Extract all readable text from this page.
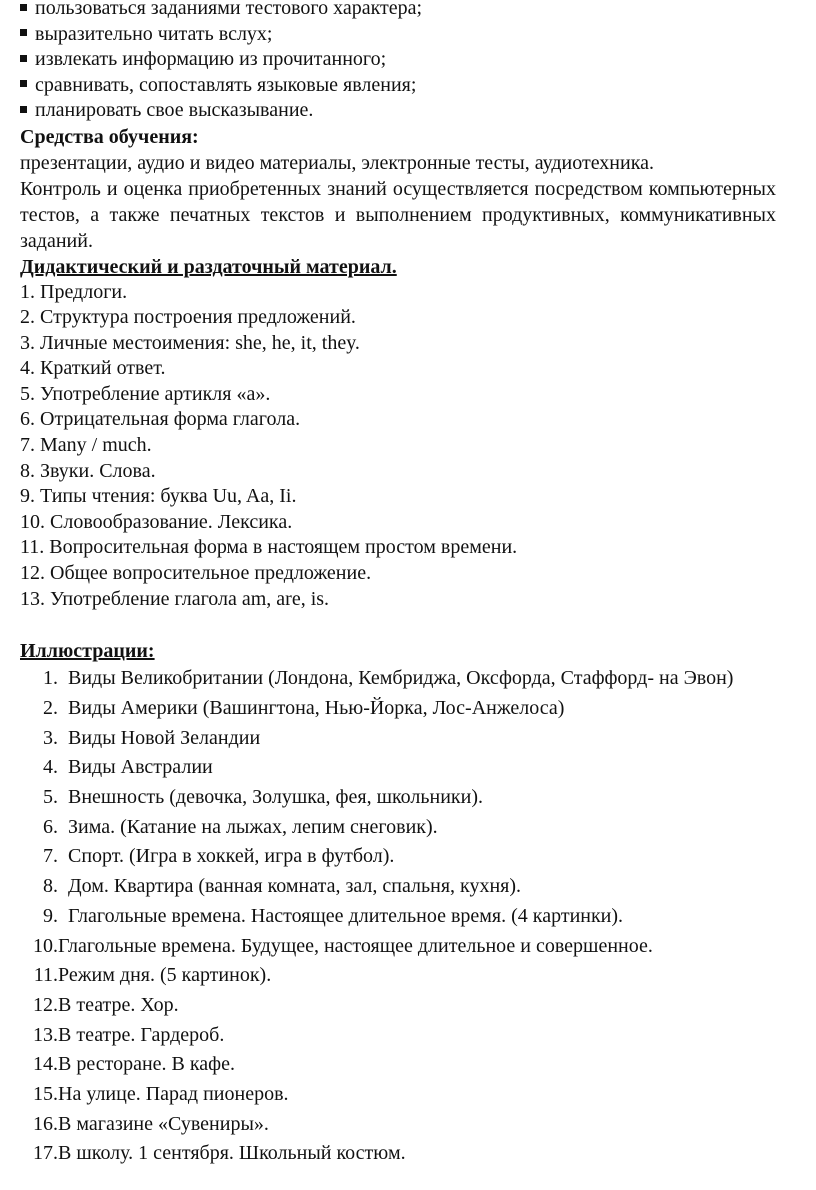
пользоваться заданиями тестового характера;
выразительно читать вслух;
извлекать информацию из прочитанного;
сравнивать, сопоставлять языковые явления;
планировать свое высказывание.
Средства обучения:
презентации, аудио и видео материалы, электронные тесты, аудиотехника.
Контроль и оценка приобретенных знаний осуществляется посредством компьютерных тестов, а также печатных текстов и выполнением продуктивных, коммуникативных заданий.
Дидактический и раздаточный материал.
1. Предлоги.
2. Структура построения предложений.
3. Личные местоимения: she, he, it, they.
4. Краткий ответ.
5. Употребление артикля «а».
6. Отрицательная форма глагола.
7. Many / much.
8. Звуки. Слова.
9. Типы чтения: буква Uu, Aa, Ii.
10. Словообразование. Лексика.
11. Вопросительная форма в настоящем простом времени.
12. Общее вопросительное предложение.
13. Употребление глагола am, are, is.
Иллюстрации:
1. Виды Великобритании (Лондона, Кембриджа, Оксфорда, Стаффорд- на Эвон)
2. Виды Америки (Вашингтона, Нью-Йорка, Лос-Анжелоса)
3. Виды Новой Зеландии
4. Виды Австралии
5. Внешность (девочка, Золушка, фея, школьники).
6. Зима. (Катание на лыжах, лепим снеговик).
7. Спорт. (Игра в хоккей, игра в футбол).
8. Дом. Квартира (ванная комната, зал, спальня, кухня).
9. Глагольные времена. Настоящее длительное время. (4 картинки).
10. Глагольные времена. Будущее, настоящее длительное и совершенное.
11. Режим дня. (5 картинок).
12. В театре. Хор.
13. В театре. Гардероб.
14. В ресторане. В кафе.
15. На улице. Парад пионеров.
16. В магазине «Сувениры».
17. В школу. 1 сентября. Школьный костюм.
